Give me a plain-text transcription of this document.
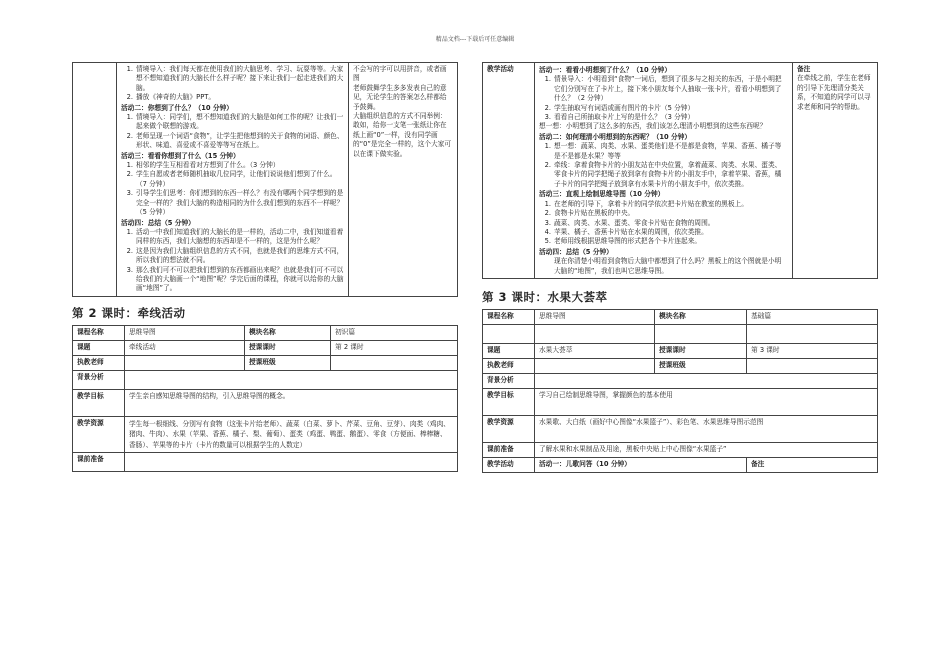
精品文档---下载后可任意编辑

1. 情境导入：我们每天都在使用我们的大脑思考、学习、玩耍等等。大家想不想知道我们的大脑长什么样子呢？接下来让我们一起走进我们的大脑。
2. 播放《神奇的大脑》PPT。
活动二：你想到了什么？（10 分钟）
1. 情境导入：同学们，想不想知道我们的大脑是如何工作的呢？让我们一起来做个联想的游戏。
2. 老师呈现一个词语“食物”，让学生把他想到的关于食物的词语、颜色、形状、味道、喜爱或不喜爱等等写在纸上。
活动三：看看你想到了什么（15 分钟）
1. 相邻的学生互相看看对方想到了什么。（3 分钟）
2. 学生自愿或者老师随机抽取几位同学，让他们说说他们想到了什么。（7 分钟）
3. 引导学生们思考：你们想到的东西一样么？有没有哪两个同学想到的是完全一样的？我们大脑的构造相同的为什么我们想到的东西不一样呢？（5 分钟）
活动四：总结（5 分钟）
1. 活动一中我们知道我们的大脑长的是一样的，活动二中，我们知道看着同样的东西，我们大脑想的东西却是不一样的，这是为什么呢？
2. 这是因为我们大脑组织信息的方式不同，也就是我们的思维方式不同，所以我们的想法就不同。
3. 那么我们可不可以把我们想到的东西都画出来呢？也就是我们可不可以给我们的大脑画一个“地图”呢？学完后面的课程，你就可以给你的大脑画“地图”了。

不会写的字可以用拼音，或者画图
老师鼓舞学生多多发表自己的意见，无论学生的答案怎么样都给予鼓舞。
大脑组织信息的方式不同举例：
敢如，给你一支笔一张纸让你在纸上画“0”一样，没有同学画的“0”是完全一样的，这个大家可以在课下做实验。
第 2 课时：牵线活动
课程名称	思维导图	模块名称	初识篇
课题	牵线活动	授课课时	第 2 课时
执教老师		授课班级	
背景分析			
教学目标	学生亲自感知思维导图的结构，引入思维导图的概念。		
教学资源	学生每一根细线、分别写有食物（这张卡片给老师）、蔬菜（白菜、萝卜、芹菜、豆角、豆芽）、肉类（鸡肉、猪肉、牛肉）、水果（苹果、香蕉、橘子、梨、葡萄）、蛋类（鸡蛋、鸭蛋、鹅蛋）、零食（方便面、棒棒糖、香肠）、苹果等的卡片（卡片的数量可以根据学生的人数定）		
课前准备			
教学活动	活动一：看看小明想到了什么？（10 分钟）
1. 情景导入：小明看到“食物”一词后，想到了很多与之相关的东西，于是小明把它们分别写在了卡片上，接下来小朋友每个人抽取一张卡片，看看小明想到了什么？（2 分钟）
2. 学生抽取写有词语或画有图片的卡片（5 分钟）
3. 看看自己所抽取卡片上写的是什么？（3 分钟）
想一想：小明想到了这么多的东西，我们该怎么理清小明想到的这些东西呢？
活动二：如何理清小明想到的东西呢？（10 分钟）
1. 想一想：蔬菜、肉类、水果、蛋类他们是不是都是食物，苹果、香蕉、橘子等是不是都是水果？等等
2. 牵线：拿着食物卡片的小朋友站在中央位置，拿着蔬菜、肉类、水果、蛋类、零食卡片的同学把绳子放到拿有食物卡片的小朋友手中，拿着苹果、香蕉，橘子卡片的同学把绳子放到拿有水果卡片的小朋友手中，依次类推。
活动三：直观上绘制思维导图（10 分钟）
1. 在老师的引导下，拿着卡片的同学依次把卡片贴在教室的黑板上。
2. 食物卡片贴在黑板的中央。
3. 蔬菜、肉类、水果、蛋类、零食卡片贴在食物的周围。
4. 苹果、橘子、香蕉卡片贴在水果的周围，依次类推。
5. 老师用线根据思维导图的形式把各个卡片连起来。
活动四：总结（5 分钟）
现在你清楚小明看到食物后大脑中都想到了什么吗？黑板上的这个图就是小明大脑的“地图”，我们也叫它思维导图。

备注
在牵线之前，学生在老师的引导下先理清分类关系，不知道的同学可以寻求老师和同学的帮助。
第 3 课时：水果大荟萃
课程名称	思维导图	模块名称	基础篇

课题	水果大荟萃	授课课时	第 3 课时
执教老师		授课班级	
背景分析			
教学目标	学习自己绘制思维导图，掌握颜色的基本使用		
教学资源	水果歌、大白纸（画好中心图像“水果篮子”）、彩色笔、水果思维导图示范图		
课前准备	了解水果和水果制品及用途，黑板中央贴上中心图像“水果篮子”		
教学活动	活动一：儿歌问答（10 分钟）		备注
